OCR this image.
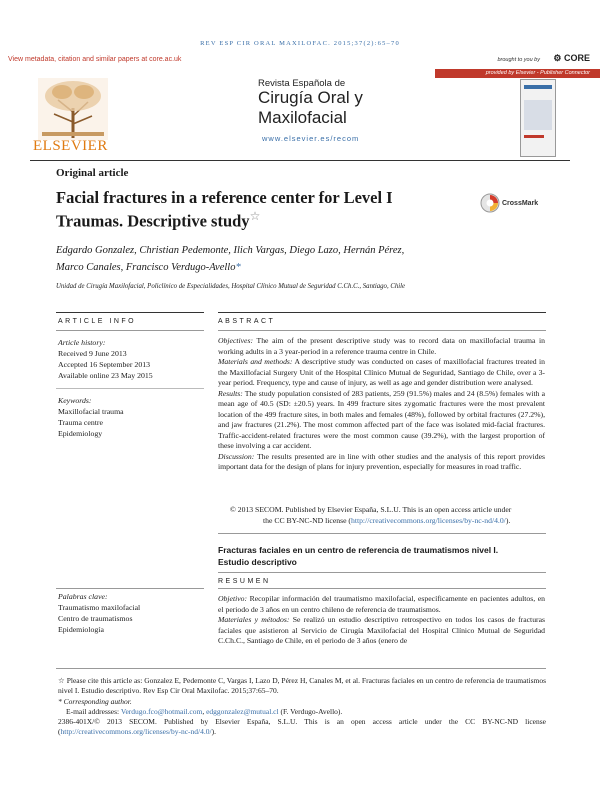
REV ESP CIR ORAL MAXILOFAC. 2015;37(2):65–70
View metadata, citation and similar papers at core.ac.uk	brought to you by ⚙ CORE
provided by Elsevier - Publisher Connector
ELSEVIER
Revista Española de
Cirugía Oral y
Maxilofacial
www.elsevier.es/recom
Original article
Facial fractures in a reference center for Level I
Traumas. Descriptive study☆
CrossMark
Edgardo Gonzalez, Christian Pedemonte, Ilich Vargas, Diego Lazo, Hernán Pérez,
Marco Canales, Francisco Verdugo-Avello*
Unidad de Cirugía Maxilofacial, Policlínico de Especialidades, Hospital Clínico Mutual de Seguridad C.Ch.C., Santiago, Chile
ARTICLE INFO	ABSTRACT
Article history:
Received 9 June 2013
Accepted 16 September 2013
Available online 23 May 2015
Keywords:
Maxillofacial trauma
Trauma centre
Epidemiology

Objectives: The aim of the present descriptive study was to record data on maxillofacial trauma in working adults in a 3 year-period in a reference trauma centre in Chile.

Materials and methods: A descriptive study was conducted on cases of maxillofacial fractures treated in the Maxillofacial Surgery Unit of the Hospital Clínico Mutual de Seguridad, Santiago de Chile, over a 3-year period. Frequency, type and cause of injury, as well as age and gender distribution were analysed.

Results: The study population consisted of 283 patients, 259 (91.5%) males and 24 (8.5%) females with a mean age of 40.5 (SD: ±20.5) years. In 499 fracture sites zygomatic fractures were the most prevalent location of the 499 fracture sites, in both males and females (48%), followed by orbital fractures (27.2%), and jaw fractures (21.2%). The most common affected part of the face was isolated mid-facial fractures. Traffic-accident-related fractures were the most common cause (39.2%), with the largest proportion of these involving a car accident.

Discussion: The results presented are in line with other studies and the analysis of this report provides important data for the design of plans for injury prevention, especially for measures in road traffic.

© 2013 SECOM. Published by Elsevier España, S.L.U. This is an open access article under
the CC BY-NC-ND license (http://creativecommons.org/licenses/by-nc-nd/4.0/).
Fracturas faciales en un centro de referencia de traumatismos nivel I.
Estudio descriptivo
RESUMEN
Palabras clave:
Traumatismo maxilofacial
Centro de traumatismos
Epidemiología

Objetivo: Recopilar información del traumatismo maxilofacial, específicamente en pacientes adultos, en el periodo de 3 años en un centro chileno de referencia de traumatismos.

Materiales y métodos: Se realizó un estudio descriptivo retrospectivo en todos los casos de fracturas faciales que asistieron al Servicio de Cirugía Maxilofacial del Hospital Clínico Mutual de Seguridad C.Ch.C., Santiago de Chile, en el periodo de 3 años (enero de

☆ Please cite this article as: Gonzalez E, Pedemonte C, Vargas I, Lazo D, Pérez H, Canales M, et al. Fracturas faciales en un centro de referencia de traumatismos nivel I. Estudio descriptivo. Rev Esp Cir Oral Maxilofac. 2015;37:65–70.
* Corresponding author.
E-mail addresses: Verdugo.fco@hotmail.com, edggonzalez@mutual.cl (F. Verdugo-Avello).
2386-401X/© 2013 SECOM. Published by Elsevier España, S.L.U. This is an open access article under the CC BY-NC-ND license (http://creativecommons.org/licenses/by-nc-nd/4.0/).
